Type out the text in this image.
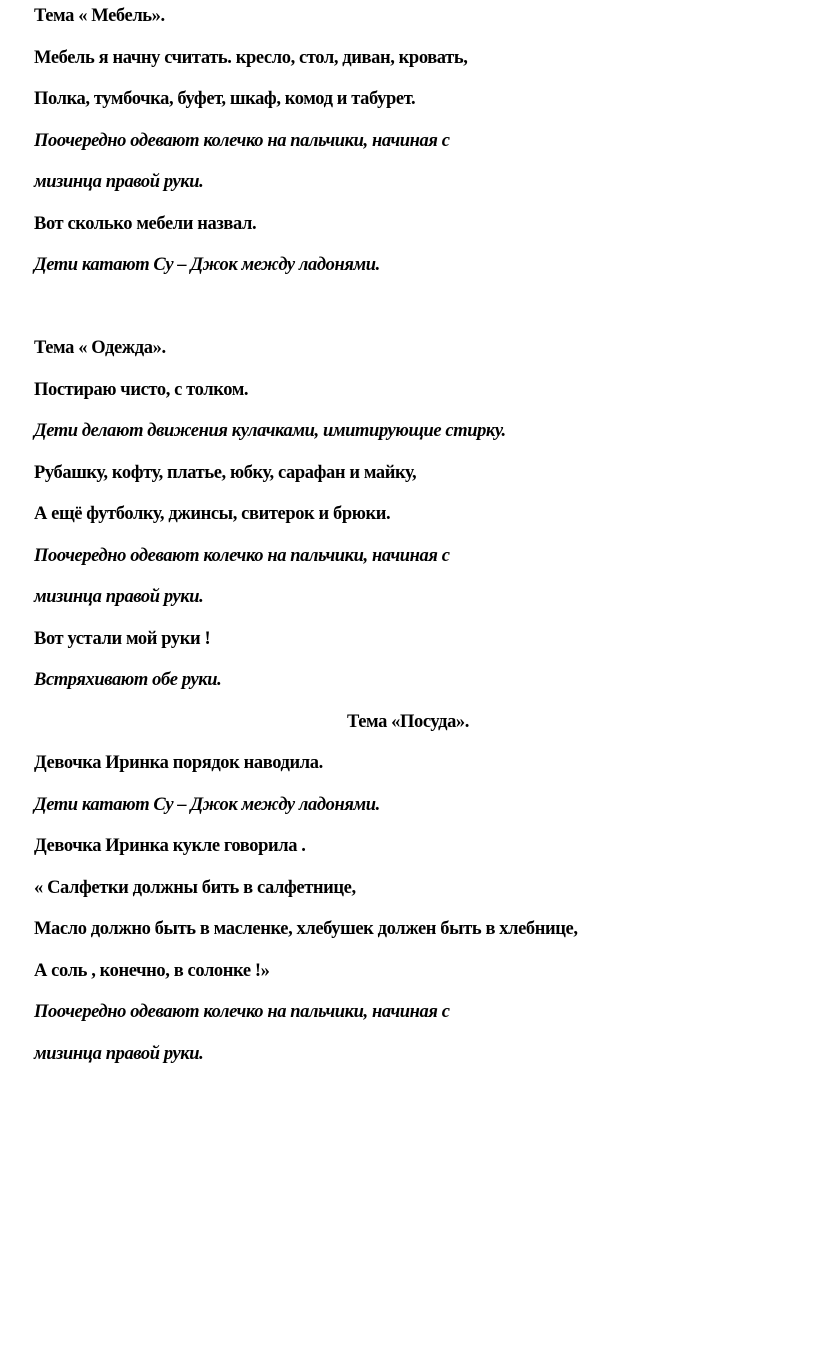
Тема « Мебель».
Мебель я начну считать. кресло, стол, диван, кровать,
Полка, тумбочка, буфет, шкаф, комод и табурет.
Поочередно одевают колечко на пальчики, начиная с
мизинца правой руки.
Вот сколько мебели назвал.
Дети катают Су – Джок между ладонями.
Тема « Одежда».
Постираю чисто, с толком.
Дети делают движения кулачками, имитирующие стирку.
Рубашку, кофту, платье, юбку, сарафан и майку,
А ещё футболку, джинсы, свитерок и брюки.
Поочередно одевают колечко на пальчики, начиная с
мизинца правой руки.
Вот устали мой руки !
Встряхивают обе руки.
Тема «Посуда».
Девочка Иринка порядок наводила.
Дети катают Су – Джок между ладонями.
Девочка Иринка кукле говорила .
« Салфетки должны бить в салфетнице,
Масло должно быть в масленке, хлебушек должен быть в хлебнице,
А соль , конечно, в солонке !»
Поочередно одевают колечко на пальчики, начиная с
мизинца правой руки.
